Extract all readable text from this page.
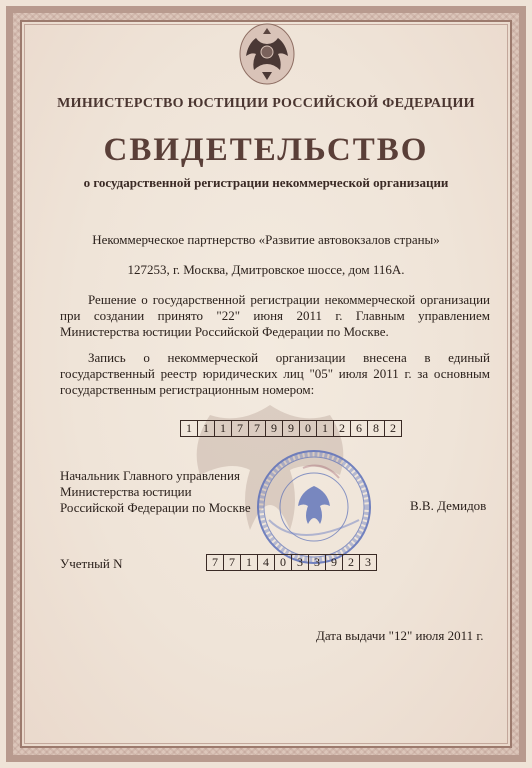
МИНИСТЕРСТВО ЮСТИЦИИ РОССИЙСКОЙ ФЕДЕРАЦИИ
СВИДЕТЕЛЬСТВО
о государственной регистрации некоммерческой организации
Некоммерческое партнерство «Развитие автовокзалов страны»
127253, г. Москва, Дмитровское шоссе, дом 116А.
Решение о государственной регистрации некоммерческой организации при создании принято "22" июня 2011 г. Главным управлением Министерства юстиции Российской Федерации по Москве.
Запись о некоммерческой организации внесена в единый государственный реестр юридических лиц "05" июля 2011 г. за основным государственным регистрационным номером:
1 1 1 7 7 9 9 0 1 2 6 8 2
Начальник Главного управления
Министерства юстиции
Российской Федерации по Москве	В.В. Демидов
Учетный N	7 7 1 4 0 3 3 9 2 3
Дата выдачи "12" июля 2011 г.
